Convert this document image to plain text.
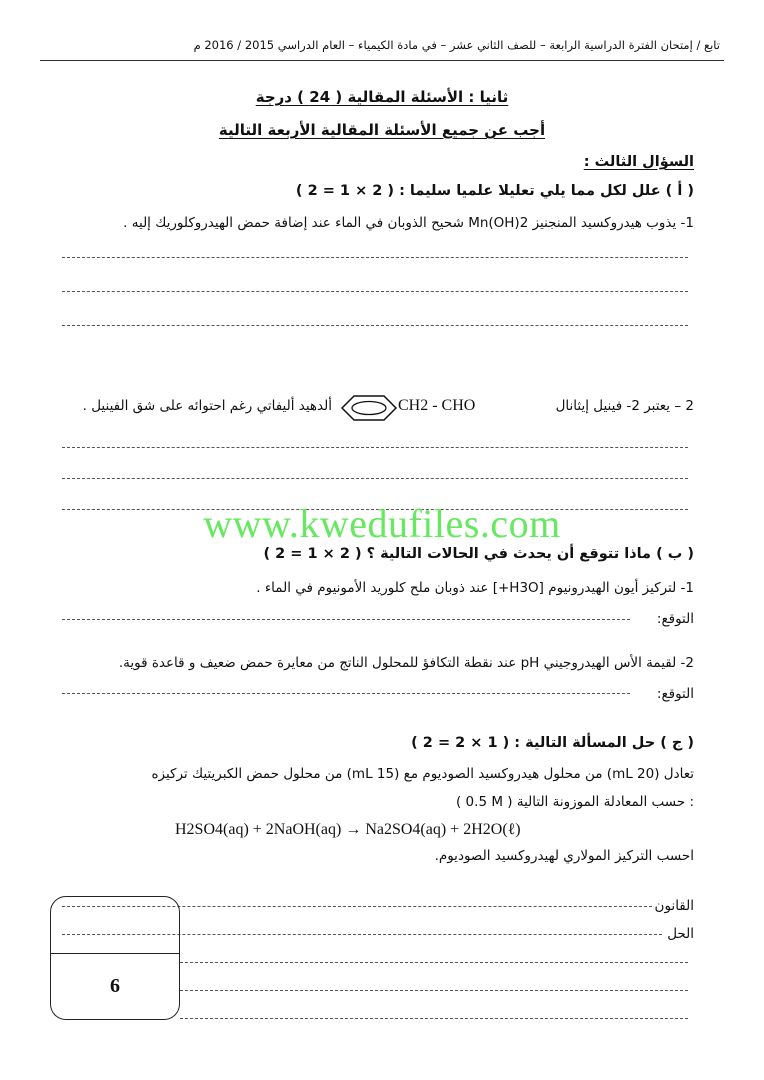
تابع / إمتحان الفترة الدراسية الرابعة – للصف الثاني عشر – في مادة الكيمياء – العام الدراسي 2015 / 2016 م
ثانيا : الأسئلة المقالية ( 24 ) درجة
أجب عن جميع الأسئلة المقالية الأربعة التالية
السؤال الثالث :
( أ ) علل لكل مما يلي تعليلا علميا سليما : ( 2 × 1 = 2 )
1- يذوب هيدروكسيد المنجنيز Mn(OH)2 شحيح الذوبان في الماء عند إضافة حمض الهيدروكلوريك إليه .
2 – يعتبر 2- فينيل إيثانال
CH2 - CHO
ألدهيد أليفاتي رغم احتوائه على شق الفينيل .
www.kwedufiles.com
( ب ) ماذا تتوقع أن يحدث في الحالات التالية ؟ ( 2 × 1 = 2 )
1- لتركيز أيون الهيدرونيوم [H3O+] عند ذوبان ملح كلوريد الأمونيوم في الماء .
التوقع:
2- لقيمة الأس الهيدروجيني pH عند نقطة التكافؤ للمحلول الناتج من معايرة حمض ضعيف و قاعدة قوية.
التوقع:
( ج ) حل المسألة التالية : ( 1 × 2 = 2 )
تعادل (20 mL) من محلول هيدروكسيد الصوديوم مع (15 mL) من محلول حمض الكبريتيك تركيزه
( 0.5 M ) حسب المعادلة الموزونة التالية :
H2SO4(aq) + 2NaOH(aq) → Na2SO4(aq) + 2H2O(ℓ)
احسب التركيز المولاري لهيدروكسيد الصوديوم.
القانون
الحل
6
